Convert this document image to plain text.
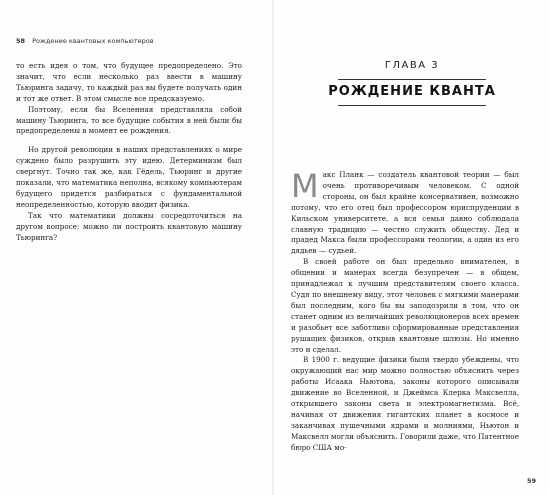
58 Рождение квантовых компьютеров

то есть идея о том, что будущее предопределено. Это значит, что если несколько раз ввести в машину Тьюринга задачу, то каждый раз вы будете получать один и тот же ответ. В этом смысле все предсказуемо.

Поэтому, если бы Вселенная представляла собой машину Тьюринга, то все будущие события в ней были бы предопределены в момент ее рождения.

Но другой революции в наших представлениях о мире суждено было разрушить эту идею. Детерминизм был свергнут. Точно так же, как Гёдель, Тьюринг и другие показали, что математика неполна, всякому компьютерам будущего придется разбираться с фундаментальной неопределенностью, которую вводит физика.

Так что математики должны сосредоточиться на другом вопросе: можно ли построить квантовую машину Тьюринга?

ГЛАВА 3
РОЖДЕНИЕ КВАНТА

М акс Планк — создатель квантовой теории — был очень противоречивым человеком. С одной стороны, он был крайне консервативен, возможно потому, что его отец был профессором юриспруденции в Кильском университете, а вся семья давно соблюдала славную традицию — честно служить обществу. Дед и прадед Макса были профессорами теологии, а один из его дядьев — судьей.

В своей работе он был предельно внимателен, в общении и манерах всегда безупречен — в общем, принадлежал к лучшим представителям своего класса. Судя по внешнему виду, этот человек с мягкими манерами был последним, кого бы вы заподозрили в том, что он станет одним из величайших революционеров всех времен и разобьет все заботливо сформированные представления рушащих физиков, открыв квантовые шлюзы. Но именно это и сделал.

В 1900 г. ведущие физики были твердо убеждены, что окружающий нас мир можно полностью объяснить через работы Исаака Ньютона, законы которого описывали движение во Вселенной, и Джеймса Клерка Максвелла, открывшего законы света и электромагнетизма. Всё, начиная от движения гигантских планет в космосе и заканчивая пушечными ядрами и молниями, Ньютон и Максвелл могли объяснить. Говорили даже, что Патентное бюро США мо-

59
